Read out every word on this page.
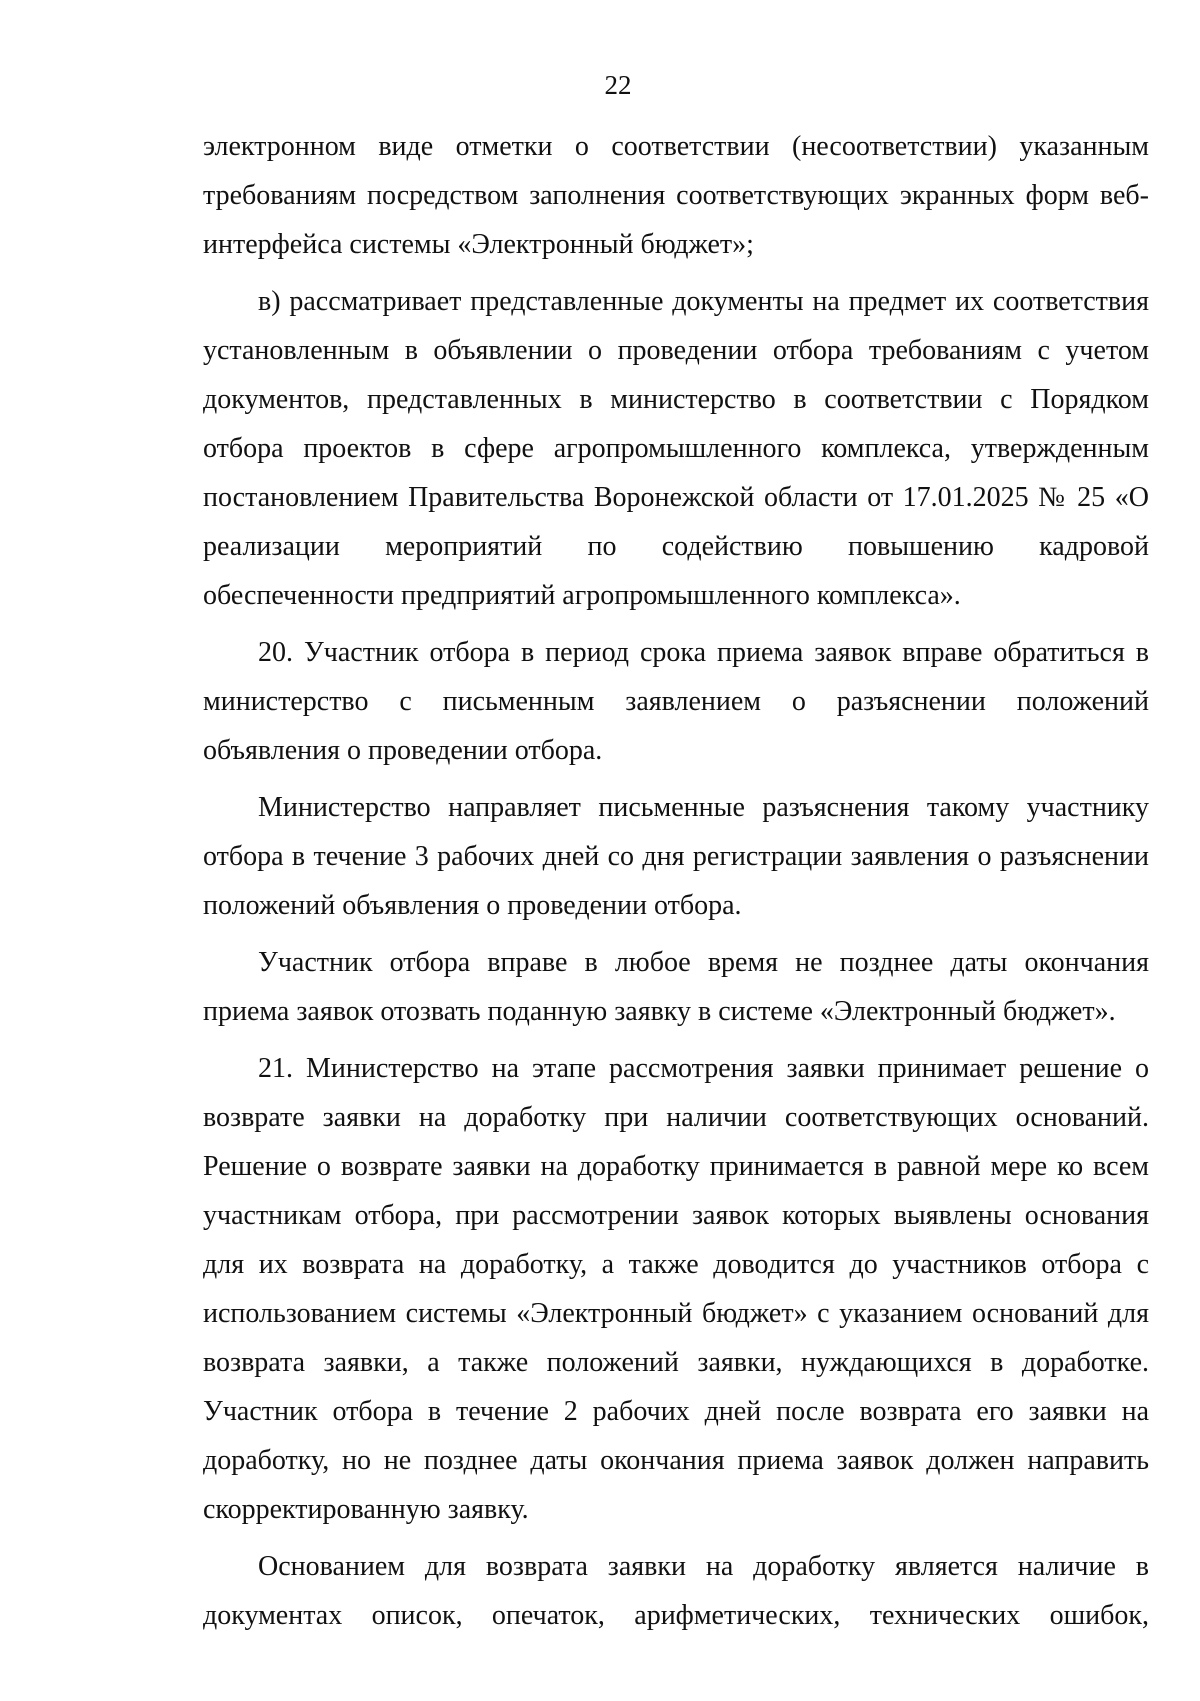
22

электронном виде отметки о соответствии (несоответствии) указанным требованиям посредством заполнения соответствующих экранных форм веб-интерфейса системы «Электронный бюджет»;

в) рассматривает представленные документы на предмет их соответствия установленным в объявлении о проведении отбора требованиям с учетом документов, представленных в министерство в соответствии с Порядком отбора проектов в сфере агропромышленного комплекса, утвержденным постановлением Правительства Воронежской области от 17.01.2025 № 25 «О реализации мероприятий по содействию повышению кадровой обеспеченности предприятий агропромышленного комплекса».

20. Участник отбора в период срока приема заявок вправе обратиться в министерство с письменным заявлением о разъяснении положений объявления о проведении отбора.

Министерство направляет письменные разъяснения такому участнику отбора в течение 3 рабочих дней со дня регистрации заявления о разъяснении положений объявления о проведении отбора.

Участник отбора вправе в любое время не позднее даты окончания приема заявок отозвать поданную заявку в системе «Электронный бюджет».

21. Министерство на этапе рассмотрения заявки принимает решение о возврате заявки на доработку при наличии соответствующих оснований. Решение о возврате заявки на доработку принимается в равной мере ко всем участникам отбора, при рассмотрении заявок которых выявлены основания для их возврата на доработку, а также доводится до участников отбора с использованием системы «Электронный бюджет» с указанием оснований для возврата заявки, а также положений заявки, нуждающихся в доработке. Участник отбора в течение 2 рабочих дней после возврата его заявки на доработку, но не позднее даты окончания приема заявок должен направить скорректированную заявку.

Основанием для возврата заявки на доработку является наличие в документах описок, опечаток, арифметических, технических ошибок,
